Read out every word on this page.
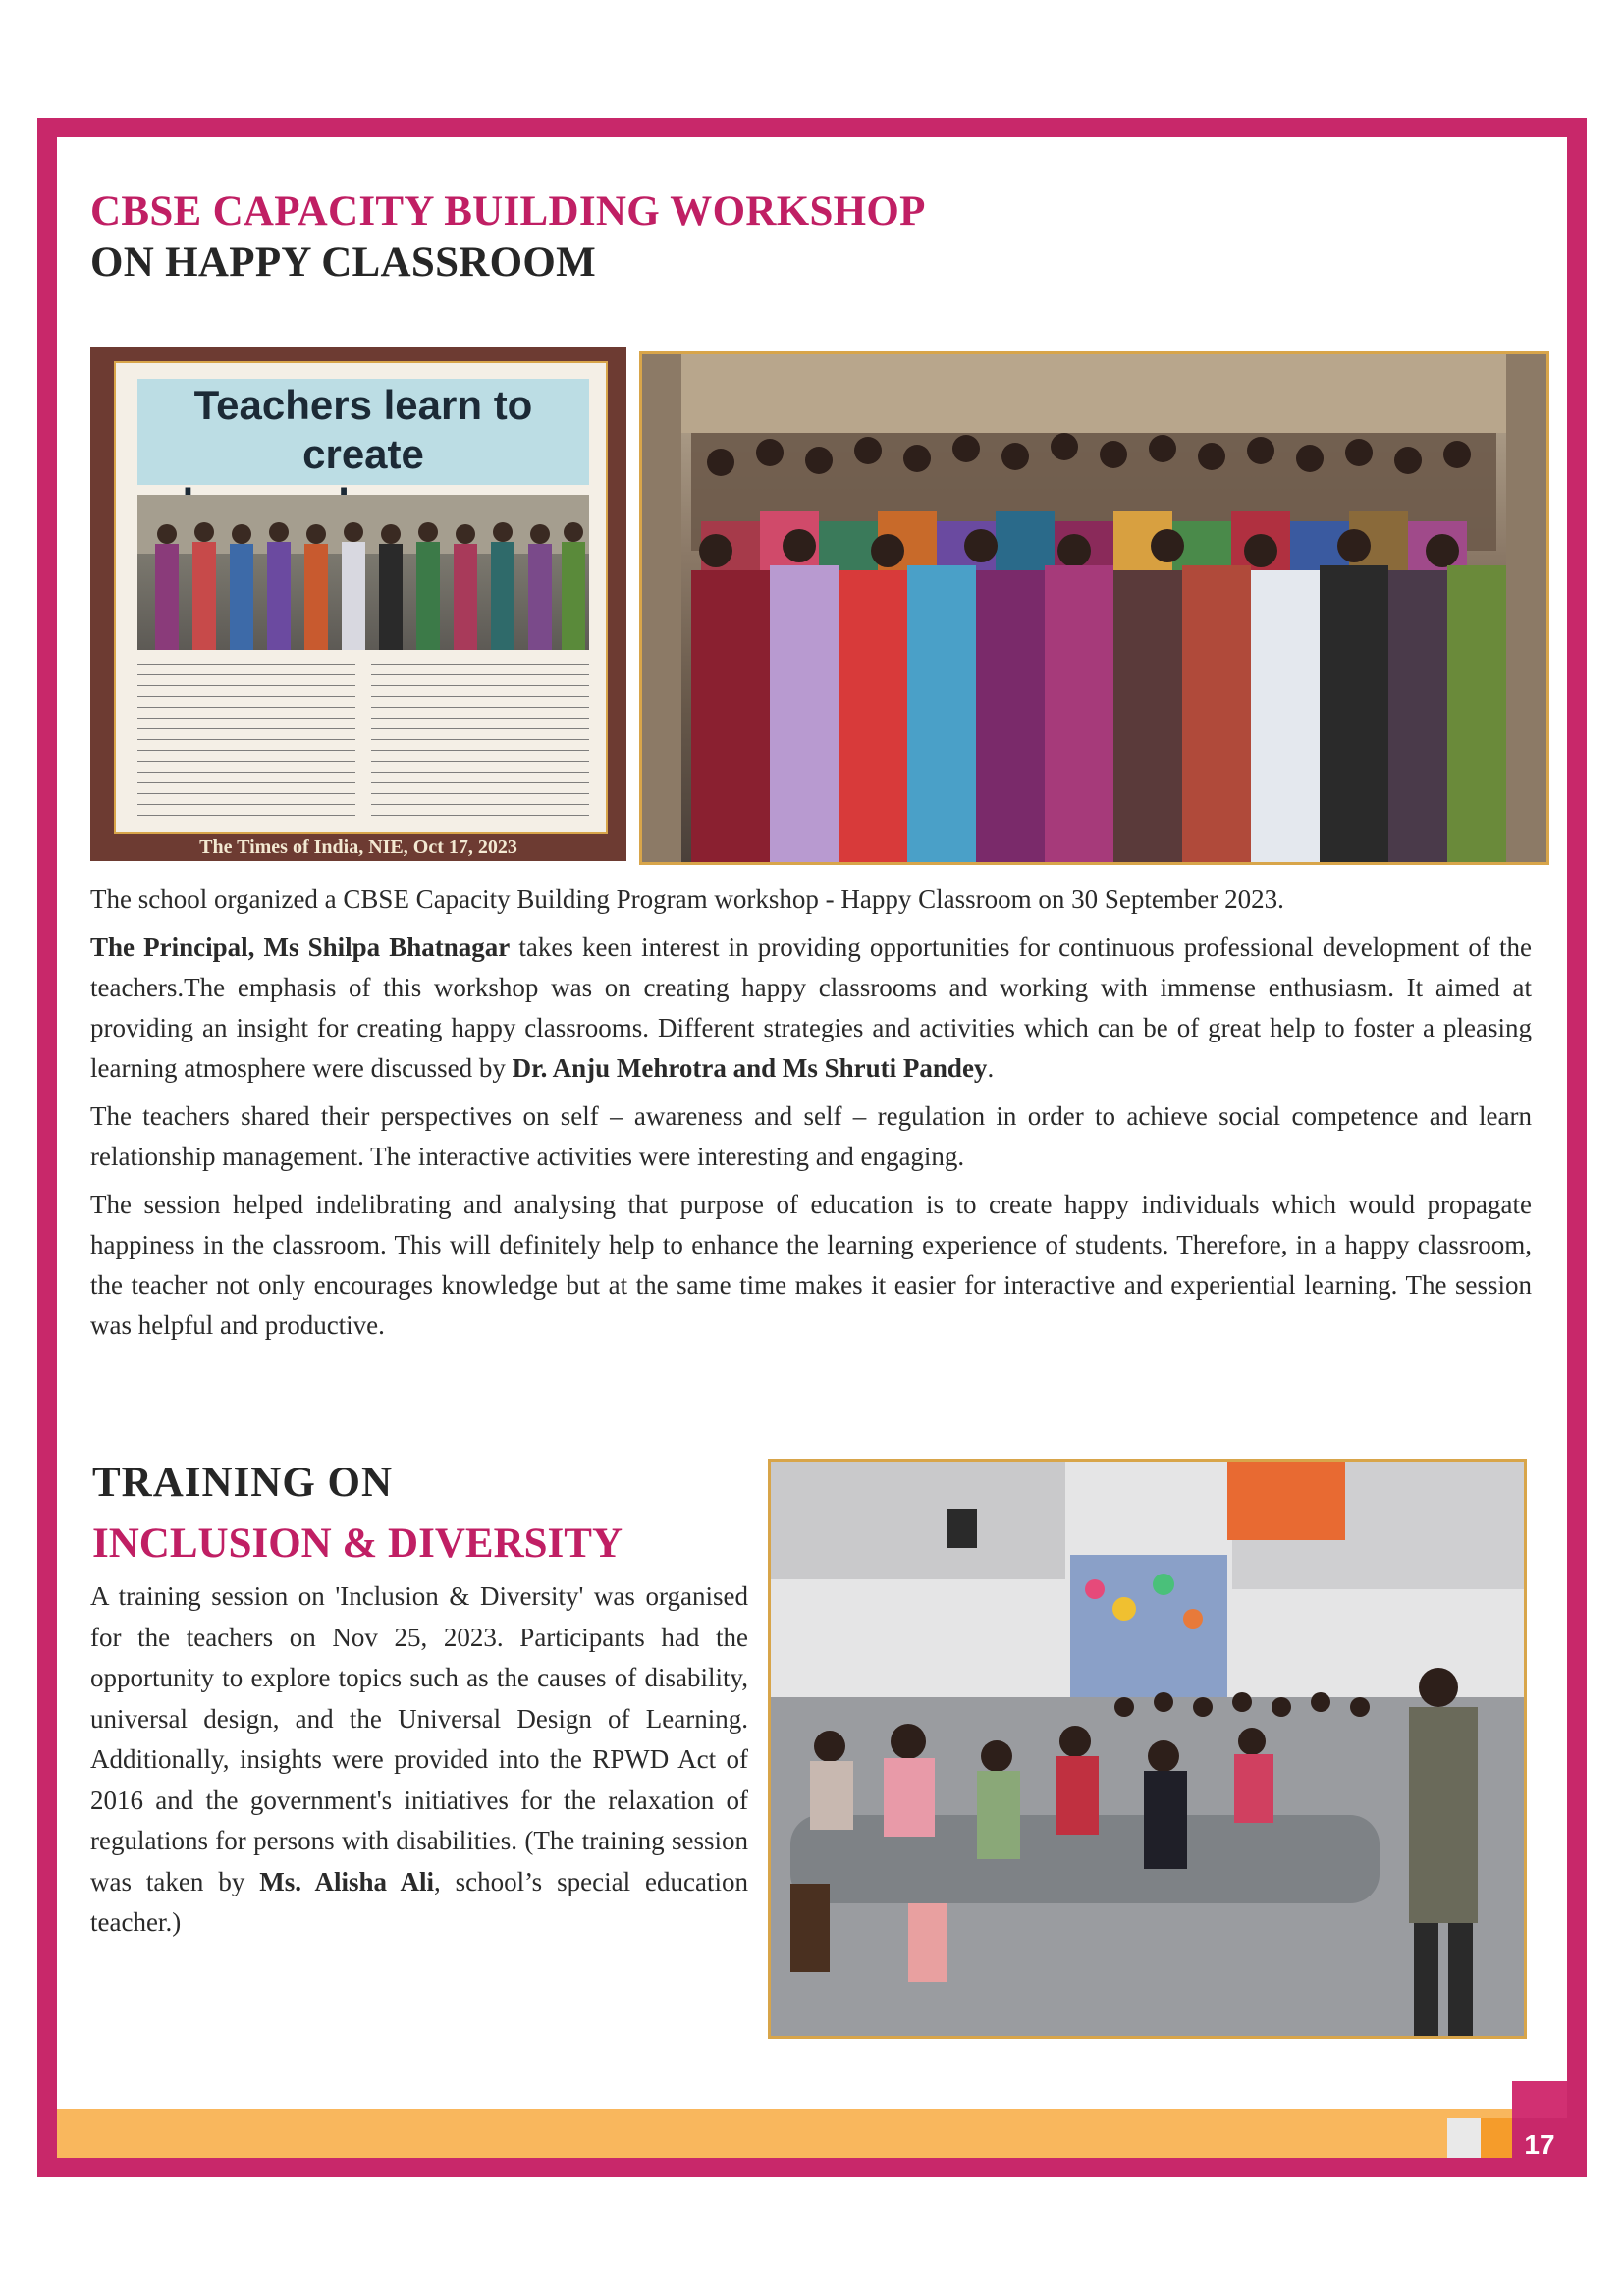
CBSE CAPACITY BUILDING WORKSHOP
ON HAPPY CLASSROOM
Teachers learn to create
The Times of India, NIE, Oct 17, 2023

The school organized a CBSE Capacity Building Program workshop - Happy Classroom on 30 September 2023.

The Principal, Ms Shilpa Bhatnagar takes keen interest in providing opportunities for continuous professional development of the teachers.The emphasis of this workshop was on creating happy classrooms and working with immense enthusiasm. It aimed at providing an insight for creating happy classrooms. Different strategies and activities which can be of great help to foster a pleasing learning atmosphere were discussed by Dr. Anju Mehrotra and Ms Shruti Pandey.

The teachers shared their perspectives on self – awareness and self – regulation in order to achieve social competence and learn relationship management. The interactive activities were interesting and engaging.

The session helped indelibrating and analysing that purpose of education is to create happy individuals which would propagate happiness in the classroom. This will definitely help to enhance the learning experience of students. Therefore, in a happy classroom, the teacher not only encourages knowledge but at the same time makes it easier for interactive and experiential learning. The session was helpful and productive.

TRAINING ON
INCLUSION & DIVERSITY

A training session on 'Inclusion & Diversity' was organised for the teachers on Nov 25, 2023. Participants had the opportunity to explore topics such as the causes of disability, universal design, and the Universal Design of Learning. Additionally, insights were provided into the RPWD Act of 2016 and the government's initiatives for the relaxation of regulations for persons with disabilities. (The training session was taken by Ms. Alisha Ali, school’s special education teacher.)

17
